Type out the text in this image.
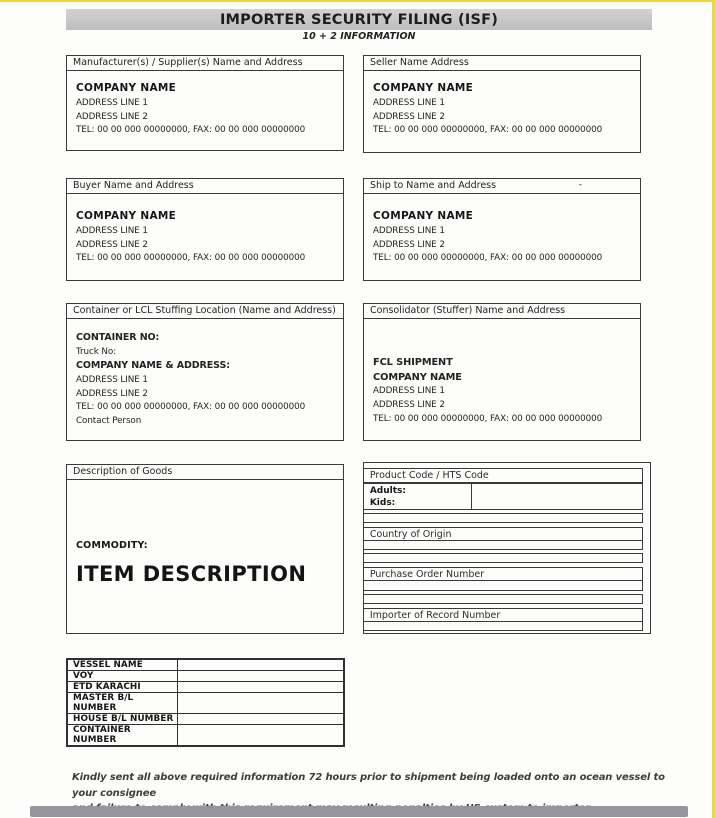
IMPORTER SECURITY FILING (ISF)
10 + 2 INFORMATION
Manufacturer(s) / Supplier(s) Name and Address
COMPANY NAME
ADDRESS LINE 1
ADDRESS LINE 2
TEL: 00 00 000 00000000, FAX: 00 00 000 00000000
Seller Name Address
COMPANY NAME
ADDRESS LINE 1
ADDRESS LINE 2
TEL: 00 00 000 00000000, FAX: 00 00 000 00000000
Buyer Name and Address
COMPANY NAME
ADDRESS LINE 1
ADDRESS LINE 2
TEL: 00 00 000 00000000, FAX: 00 00 000 00000000
Ship to Name and Address	-
COMPANY NAME
ADDRESS LINE 1
ADDRESS LINE 2
TEL: 00 00 000 00000000, FAX: 00 00 000 00000000
Container or LCL Stuffing Location (Name and Address)
CONTAINER NO:
Truck No:
COMPANY NAME & ADDRESS:
ADDRESS LINE 1
ADDRESS LINE 2
TEL: 00 00 000 00000000, FAX: 00 00 000 00000000
Contact Person
Consolidator (Stuffer) Name and Address
FCL SHIPMENT
COMPANY NAME
ADDRESS LINE 1
ADDRESS LINE 2
TEL: 00 00 000 00000000, FAX: 00 00 000 00000000
Description of Goods
COMMODITY:
ITEM DESCRIPTION
Product Code / HTS Code
Adults:
Kids:
Country of Origin
Purchase Order Number
Importer of Record Number
VESSEL NAME
VOY
ETD KARACHI
MASTER B/L NUMBER
HOUSE B/L NUMBER
CONTAINER NUMBER
Kindly sent all above required information 72 hours prior to shipment being loaded onto an ocean vessel to your consignee
